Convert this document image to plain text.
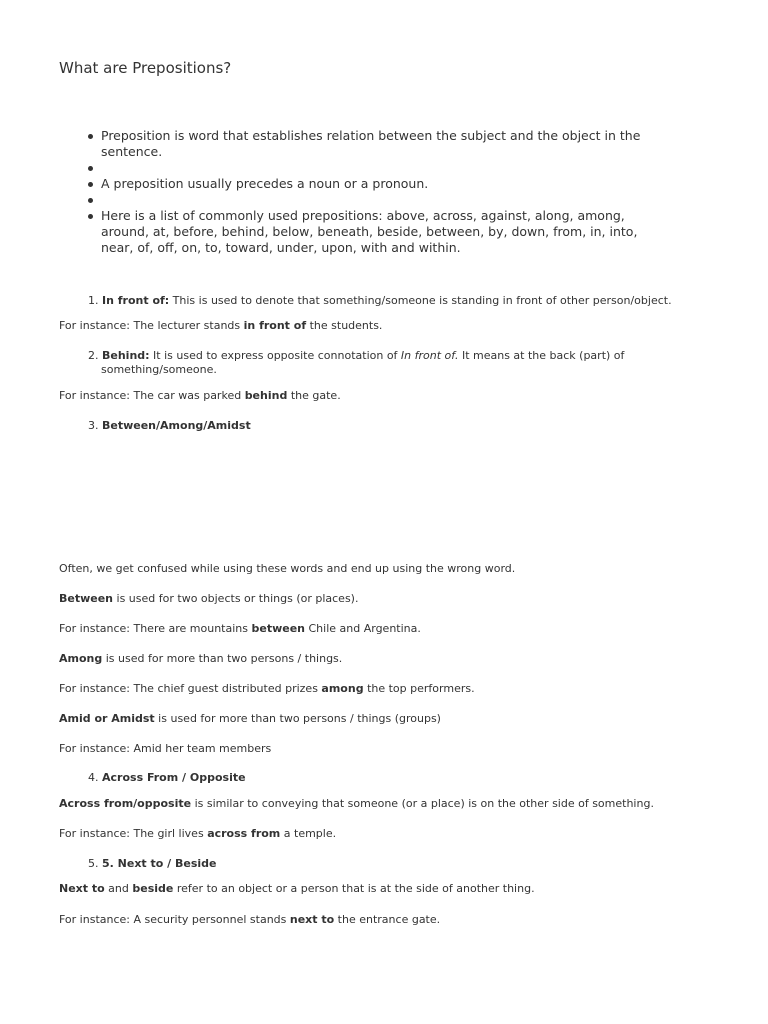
What are Prepositions?
Preposition is word that establishes relation between the subject and the object in the
sentence.
A preposition usually precedes a noun or a pronoun.
Here is a list of commonly used prepositions: above, across, against, along, among,
around, at, before, behind, below, beneath, beside, between, by, down, from, in, into,
near, of, off, on, to, toward, under, upon, with and within.
1. In front of: This is used to denote that something/someone is standing in front of other person/object.
For instance: The lecturer stands in front of the students.
2. Behind: It is used to express opposite connotation of In front of. It means at the back (part) of
something/someone.
For instance: The car was parked behind the gate.
3. Between/Among/Amidst
Often, we get confused while using these words and end up using the wrong word.
Between is used for two objects or things (or places).
For instance: There are mountains between Chile and Argentina.
Among is used for more than two persons / things.
For instance: The chief guest distributed prizes among the top performers.
Amid or Amidst is used for more than two persons / things (groups)
For instance: Amid her team members
4. Across From / Opposite
Across from/opposite is similar to conveying that someone (or a place) is on the other side of something.
For instance: The girl lives across from a temple.
5. 5. Next to / Beside
Next to and beside refer to an object or a person that is at the side of another thing.
For instance: A security personnel stands next to the entrance gate.
